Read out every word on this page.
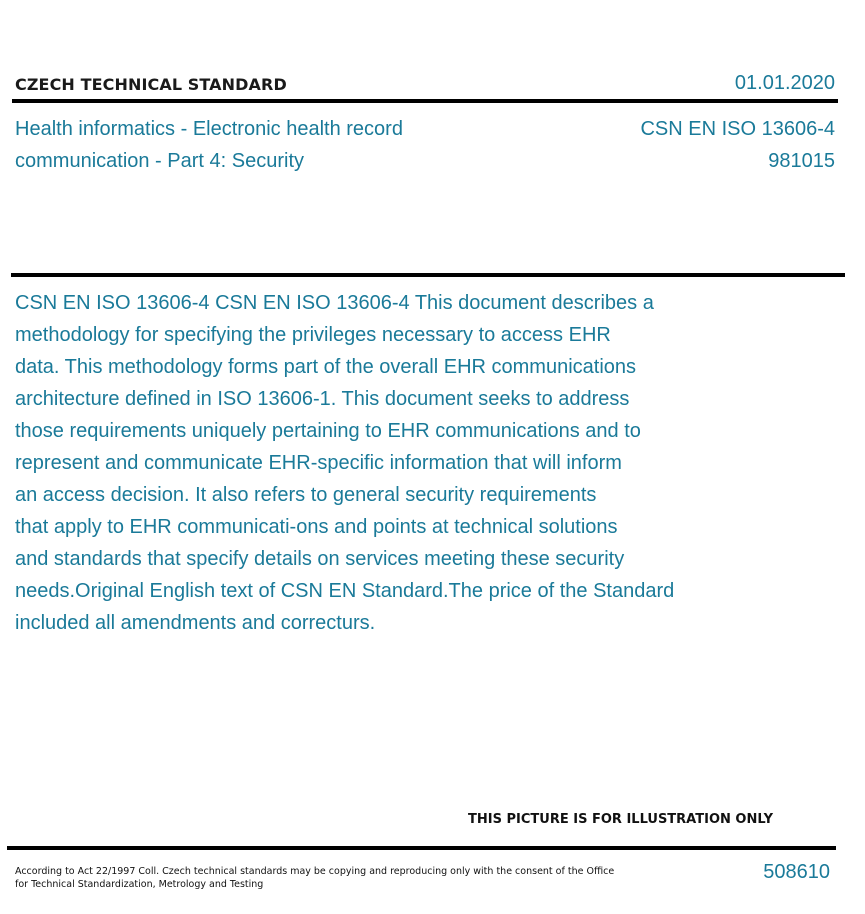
CZECH TECHNICAL STANDARD	01.01.2020
Health informatics - Electronic health record
communication - Part 4: Security
CSN EN ISO 13606-4
981015
CSN EN ISO 13606-4 CSN EN ISO 13606-4 This document describes a
methodology for specifying the privileges necessary to access EHR
data. This methodology forms part of the overall EHR communications
architecture defined in ISO 13606-1. This document seeks to address
those requirements uniquely pertaining to EHR communications and to
represent and communicate EHR-specific information that will inform
an access decision. It also refers to general security requirements
that apply to EHR communicati-ons and points at technical solutions
and standards that specify details on services meeting these security
needs.Original English text of CSN EN Standard.The price of the Standard
included all amendments and correcturs.
THIS PICTURE IS FOR ILLUSTRATION ONLY
According to Act 22/1997 Coll. Czech technical standards may be copying and reproducing only with the consent of the Office
for Technical Standardization, Metrology and Testing
508610
